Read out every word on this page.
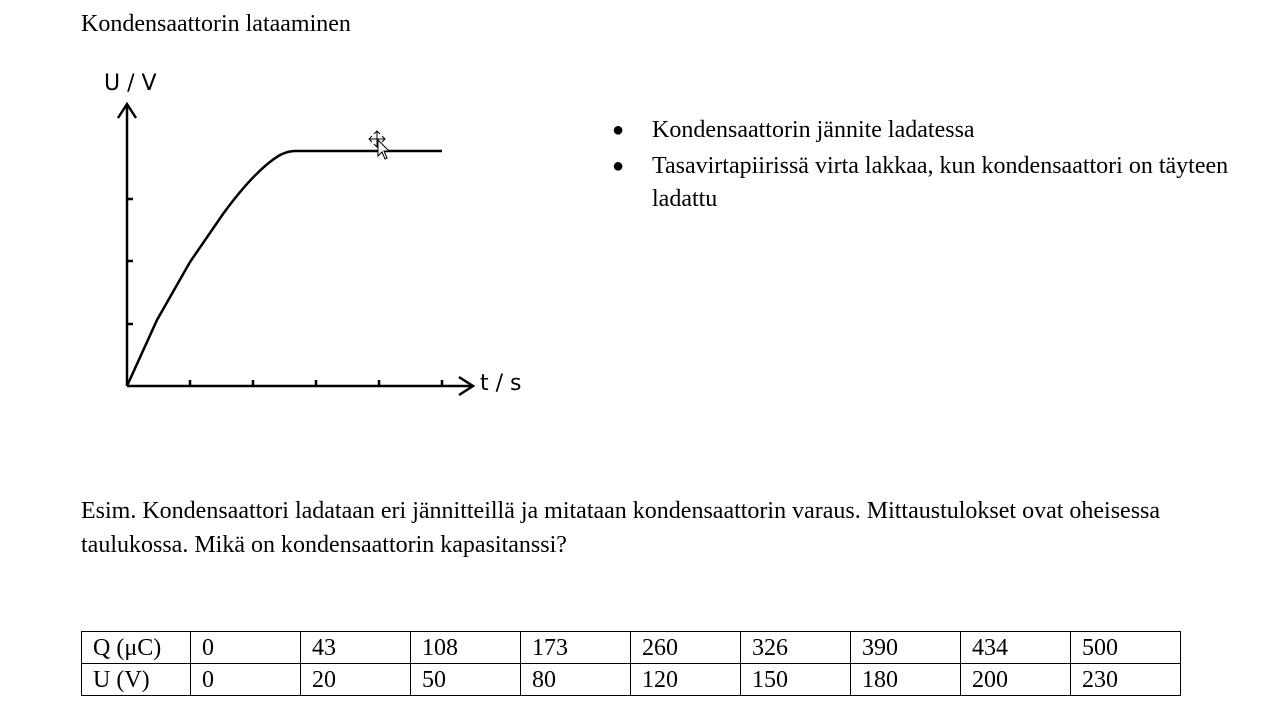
Kondensaattorin lataaminen
U / V
t / s
● Kondensaattorin jännite ladatessa
● Tasavirtapiirissä virta lakkaa, kun kondensaattori on täyteen ladattu
Esim. Kondensaattori ladataan eri jännitteillä ja mitataan kondensaattorin varaus. Mittaustulokset ovat oheisessa taulukossa. Mikä on kondensaattorin kapasitanssi?
Q (μC)	0	43	108	173	260	326	390	434	500
U (V)	0	20	50	80	120	150	180	200	230
